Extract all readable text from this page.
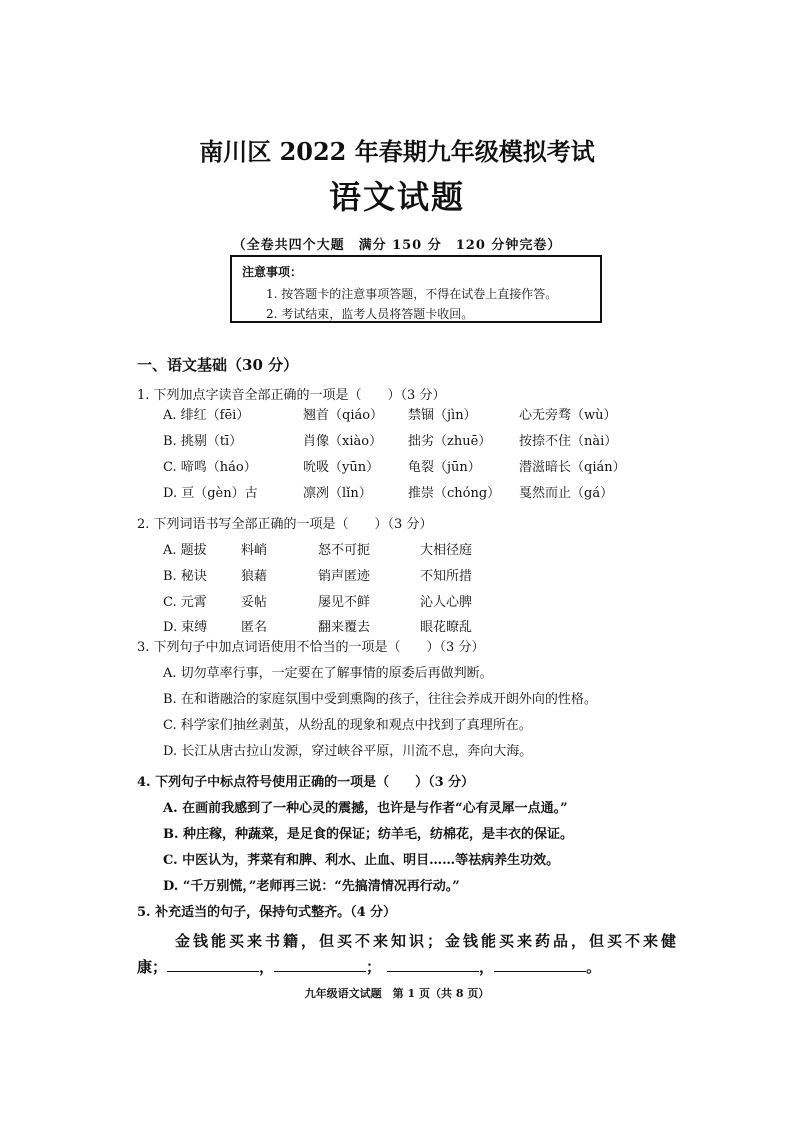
南川区 2022 年春期九年级模拟考试
语文试题
（全卷共四个大题　满分 150 分　120 分钟完卷）
注意事项：
1. 按答题卡的注意事项答题，不得在试卷上直接作答。
2. 考试结束，监考人员将答题卡收回。
一、语文基础（30 分）
1. 下列加点字读音全部正确的一项是（　　）（3 分）
A. 绯红（fēi）	翘首（qiáo） 禁锢（jìn）	心无旁骛（wù）
B. 挑剔（tī）	肖像（xiào） 拙劣（zhuē） 按捺不住（nài）
C. 啼鸣（háo）	吮吸（yūn） 龟裂（jūn）	潜滋暗长（qián）
D. 亘（gèn）古	凛冽（lǐn）	推崇（chóng） 戛然而止（gá）
2. 下列词语书写全部正确的一项是（　　）（3 分）
A. 题拔	料峭	怒不可扼	大相径庭
B. 秘诀	狼藉	销声匿迹	不知所措
C. 元霄	妥帖	屡见不鲜	沁人心脾
D. 束缚	匿名	翻来覆去	眼花瞭乱
3. 下列句子中加点词语使用不恰当的一项是（　　）（3 分）
A. 切勿草率行事，一定要在了解事情的原委后再做判断。
B. 在和谐融洽的家庭氛围中受到熏陶的孩子，往往会养成开朗外向的性格。
C. 科学家们抽丝剥茧，从纷乱的现象和观点中找到了真理所在。
D. 长江从唐古拉山发源，穿过峡谷平原，川流不息，奔向大海。
4. 下列句子中标点符号使用正确的一项是（　　）（3 分）
A. 在画前我感到了一种心灵的震撼，也许是与作者“心有灵犀一点通。”
B. 种庄稼，种蔬菜，是足食的保证；纺羊毛，纺棉花，是丰衣的保证。
C. 中医认为，荠菜有和脾、利水、止血、明目……等祛病养生功效。
D. “千万别慌，”老师再三说：“先搞清情况再行动。”
5. 补充适当的句子，保持句式整齐。（4 分）
金钱能买来书籍，但买不来知识；金钱能买来药品，但买不来健
康；	，	；	，	。
九年级语文试题　第 1 页（共 8 页）
